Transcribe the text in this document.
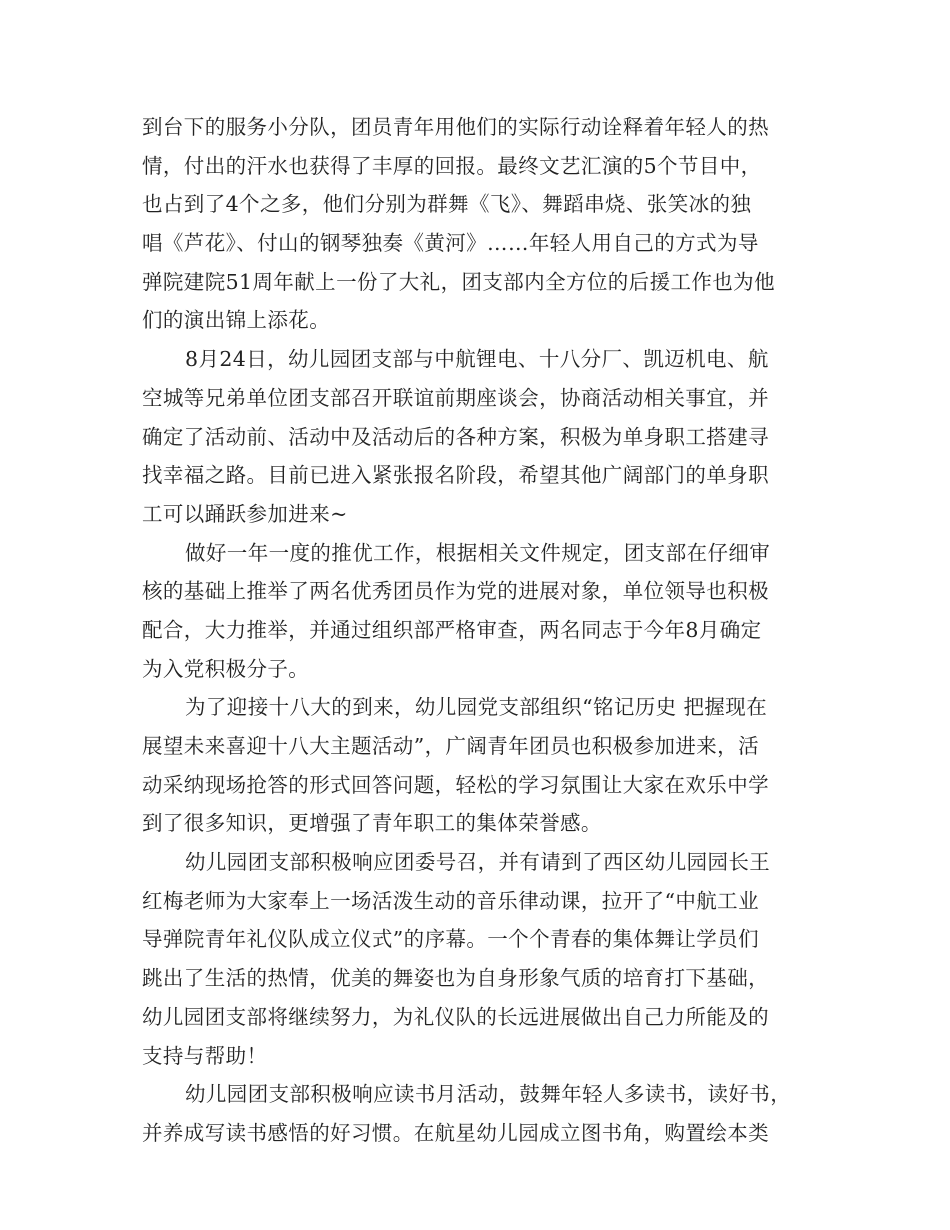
到台下的服务小分队，团员青年用他们的实际行动诠释着年轻人的热
情，付出的汗水也获得了丰厚的回报。最终文艺汇演的5个节目中，
也占到了4个之多，他们分别为群舞《飞》、舞蹈串烧、张笑冰的独
唱《芦花》、付山的钢琴独奏《黄河》……年轻人用自己的方式为导
弹院建院51周年献上一份了大礼，团支部内全方位的后援工作也为他
们的演出锦上添花。
8月24日，幼儿园团支部与中航锂电、十八分厂、凯迈机电、航
空城等兄弟单位团支部召开联谊前期座谈会，协商活动相关事宜，并
确定了活动前、活动中及活动后的各种方案，积极为单身职工搭建寻
找幸福之路。目前已进入紧张报名阶段，希望其他广阔部门的单身职
工可以踊跃参加进来~
做好一年一度的推优工作，根据相关文件规定，团支部在仔细审
核的基础上推举了两名优秀团员作为党的进展对象，单位领导也积极
配合，大力推举，并通过组织部严格审查，两名同志于今年8月确定
为入党积极分子。
为了迎接十八大的到来，幼儿园党支部组织“铭记历史 把握现在
展望未来喜迎十八大主题活动”，广阔青年团员也积极参加进来，活
动采纳现场抢答的形式回答问题，轻松的学习氛围让大家在欢乐中学
到了很多知识，更增强了青年职工的集体荣誉感。
幼儿园团支部积极响应团委号召，并有请到了西区幼儿园园长王
红梅老师为大家奉上一场活泼生动的音乐律动课，拉开了“中航工业
导弹院青年礼仪队成立仪式”的序幕。一个个青春的集体舞让学员们
跳出了生活的热情，优美的舞姿也为自身形象气质的培育打下基础，
幼儿园团支部将继续努力，为礼仪队的长远进展做出自己力所能及的
支持与帮助！
幼儿园团支部积极响应读书月活动，鼓舞年轻人多读书，读好书，
并养成写读书感悟的好习惯。在航星幼儿园成立图书角，购置绘本类
